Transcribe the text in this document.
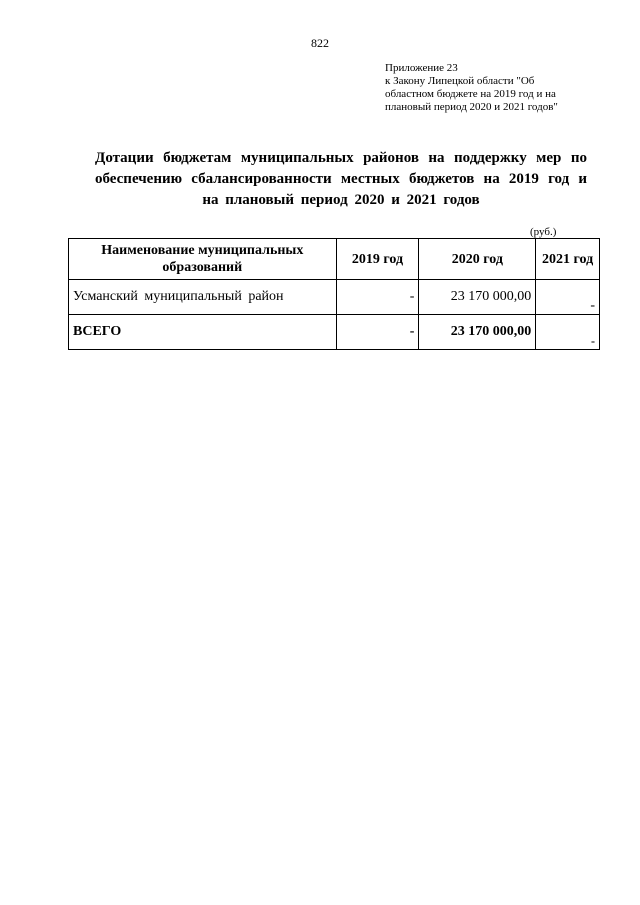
822
Приложение 23
к Закону Липецкой области "Об
областном бюджете на 2019 год и на
плановый период 2020 и 2021 годов"
Дотации бюджетам муниципальных районов на поддержку мер по
обеспечению сбалансированности местных бюджетов на 2019 год и
на плановый период 2020 и 2021 годов
(руб.)
Наименование муниципальных
образований	2019 год	2020 год	2021 год
Усманский муниципальный район	-	23 170 000,00	-
ВСЕГО	-	23 170 000,00	-
